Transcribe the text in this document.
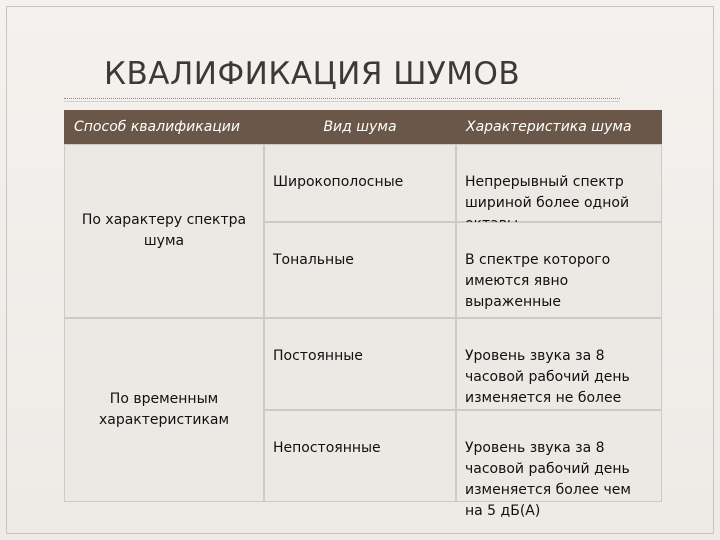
КВАЛИФИКАЦИЯ ШУМОВ
Способ квалификации	Вид шума	Характеристика шума
По характеру спектра шума

Широкополосные	Непрерывный спектр
шириной более одной

Тональные	В спектре которого
имеются явно
выраженные

По временным
характеристикам

Постоянные	Уровень звука за 8
часовой рабочий день
изменяется не более

Непостоянные	Уровень звука за 8
часовой рабочий день
изменяется более чем
на 5 дБ(А)
